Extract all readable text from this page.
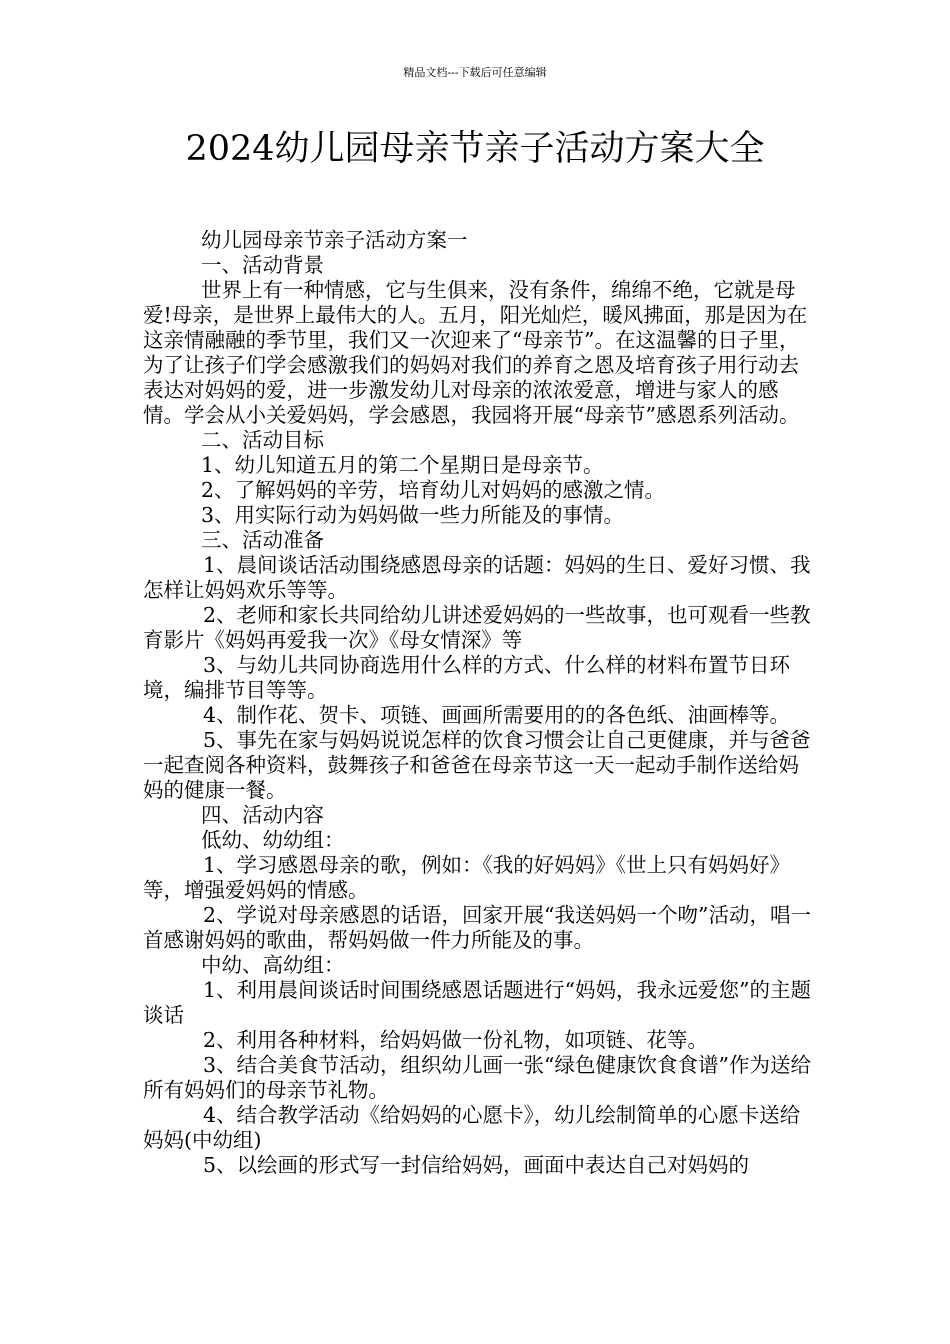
精品文档---下载后可任意编辑
2024幼儿园母亲节亲子活动方案大全

幼儿园母亲节亲子活动方案一

一、活动背景

世界上有一种情感，它与生俱来，没有条件，绵绵不绝，它就是母爱!母亲，是世界上最伟大的人。五月，阳光灿烂，暖风拂面，那是因为在这亲情融融的季节里，我们又一次迎来了“母亲节”。在这温馨的日子里，为了让孩子们学会感激我们的妈妈对我们的养育之恩及培育孩子用行动去表达对妈妈的爱，进一步激发幼儿对母亲的浓浓爱意，增进与家人的感情。学会从小关爱妈妈，学会感恩，我园将开展“母亲节”感恩系列活动。

二、活动目标

1、幼儿知道五月的第二个星期日是母亲节。

2、了解妈妈的辛劳，培育幼儿对妈妈的感激之情。

3、用实际行动为妈妈做一些力所能及的事情。

三、活动准备

1、晨间谈话活动围绕感恩母亲的话题：妈妈的生日、爱好习惯、我怎样让妈妈欢乐等等。

2、老师和家长共同给幼儿讲述爱妈妈的一些故事，也可观看一些教育影片《妈妈再爱我一次》《母女情深》等

3、与幼儿共同协商选用什么样的方式、什么样的材料布置节日环境，编排节目等等。

4、制作花、贺卡、项链、画画所需要用的的各色纸、油画棒等。

5、事先在家与妈妈说说怎样的饮食习惯会让自己更健康，并与爸爸一起查阅各种资料，鼓舞孩子和爸爸在母亲节这一天一起动手制作送给妈妈的健康一餐。

四、活动内容

低幼、幼幼组：

1、学习感恩母亲的歌，例如：《我的好妈妈》《世上只有妈妈好》等，增强爱妈妈的情感。

2、学说对母亲感恩的话语，回家开展“我送妈妈一个吻”活动，唱一首感谢妈妈的歌曲，帮妈妈做一件力所能及的事。

中幼、高幼组：

1、利用晨间谈话时间围绕感恩话题进行“妈妈，我永远爱您”的主题谈话

2、利用各种材料，给妈妈做一份礼物，如项链、花等。

3、结合美食节活动，组织幼儿画一张“绿色健康饮食食谱”作为送给所有妈妈们的母亲节礼物。

4、结合教学活动《给妈妈的心愿卡》，幼儿绘制简单的心愿卡送给妈妈(中幼组)

5、以绘画的形式写一封信给妈妈，画面中表达自己对妈妈的
